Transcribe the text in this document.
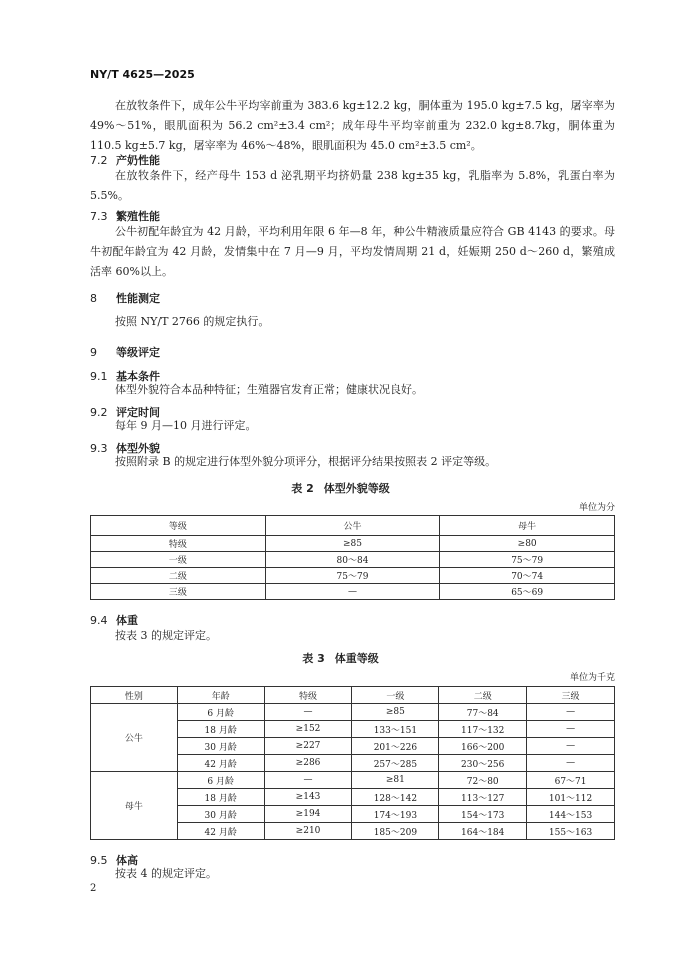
NY/T 4625—2025
在放牧条件下，成年公牛平均宰前重为 383.6 kg±12.2 kg，胴体重为 195.0 kg±7.5 kg，屠宰率为 49%～51%，眼肌面积为 56.2 cm²±3.4 cm²；成年母牛平均宰前重为 232.0 kg±8.7kg，胴体重为 110.5 kg±5.7 kg，屠宰率为 46%～48%，眼肌面积为 45.0 cm²±3.5 cm²。
7.2 产奶性能
在放牧条件下，经产母牛 153 d 泌乳期平均挤奶量 238 kg±35 kg，乳脂率为 5.8%，乳蛋白率为 5.5%。
7.3 繁殖性能
公牛初配年龄宜为 42 月龄，平均利用年限 6 年—8 年，种公牛精液质量应符合 GB 4143 的要求。母牛初配年龄宜为 42 月龄，发情集中在 7 月—9 月，平均发情周期 21 d，妊娠期 250 d～260 d，繁殖成活率 60%以上。
8 性能测定
按照 NY/T 2766 的规定执行。
9 等级评定
9.1 基本条件
体型外貌符合本品种特征；生殖器官发育正常；健康状况良好。
9.2 评定时间
每年 9 月—10 月进行评定。
9.3 体型外貌
按照附录 B 的规定进行体型外貌分项评分，根据评分结果按照表 2 评定等级。
表 2 体型外貌等级
单位为分
等级	公牛	母牛
特级	≥85	≥80
一级	80～84	75～79
二级	75～79	70～74
三级	—	65～69
9.4 体重
按表 3 的规定评定。
表 3 体重等级
单位为千克
性别	年龄	特级	一级	二级	三级
公牛	6 月龄	—	≥85	77～84	—
	18 月龄	≥152	133～151	117～132	—
	30 月龄	≥227	201～226	166～200	—
	42 月龄	≥286	257～285	230～256	—
母牛	6 月龄	—	≥81	72～80	67～71
	18 月龄	≥143	128～142	113～127	101～112
	30 月龄	≥194	174～193	154～173	144～153
	42 月龄	≥210	185～209	164～184	155～163
9.5 体高
按表 4 的规定评定。
2
